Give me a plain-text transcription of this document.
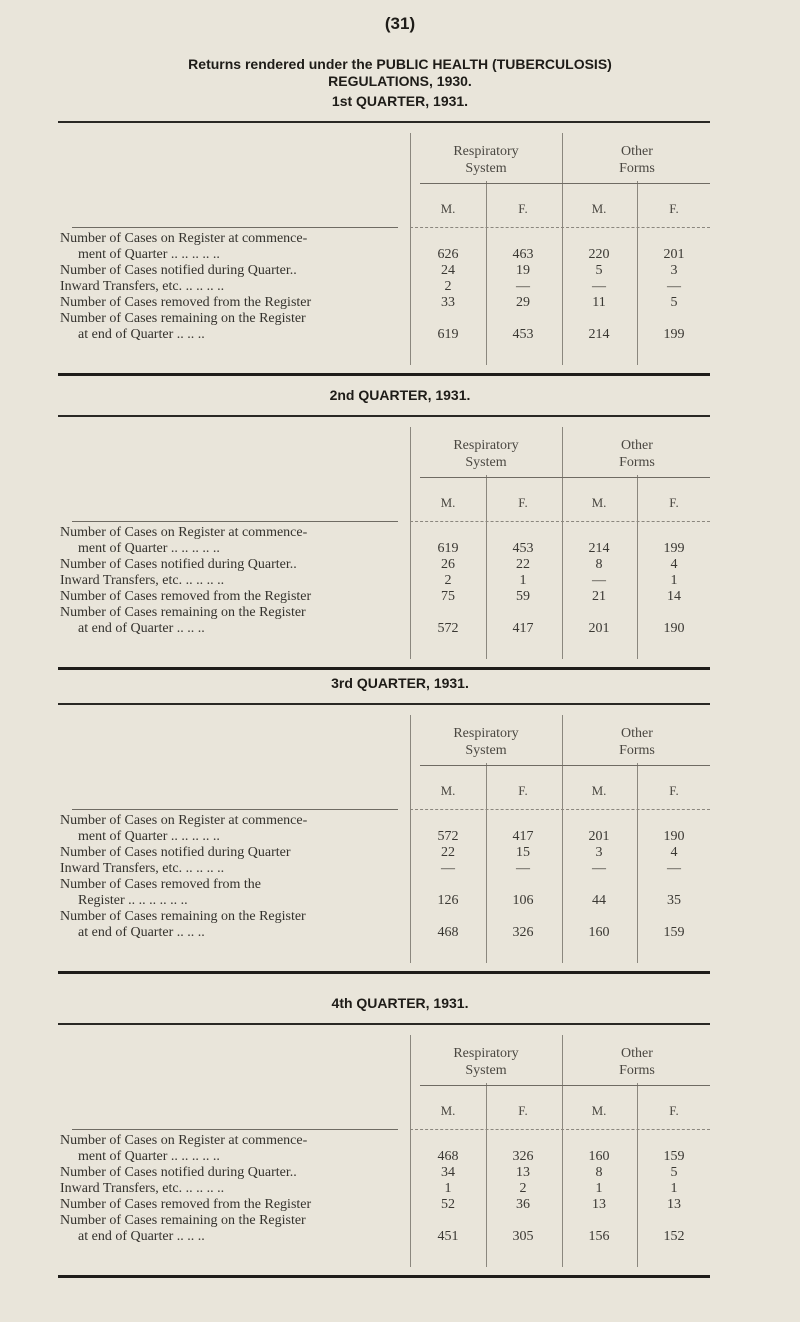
(31)
Returns rendered under the PUBLIC HEALTH (TUBERCULOSIS)
REGULATIONS, 1930.
1st QUARTER, 1931.
Respiratory
System
Other
Forms
M.	F.	M.	F.
Number of Cases on Register at commence-
ment of Quarter .. .. .. .. ..	626	463	220	201
Number of Cases notified during Quarter..	24	19	5	3
Inward Transfers, etc. .. .. .. ..	2	—	—	—
Number of Cases removed from the Register	33	29	11	5
Number of Cases remaining on the Register
at end of Quarter .. .. ..	619	453	214	199
2nd QUARTER, 1931.
Respiratory
System
Other
Forms
M.	F.	M.	F.
Number of Cases on Register at commence-
ment of Quarter .. .. .. .. ..	619	453	214	199
Number of Cases notified during Quarter..	26	22	8	4
Inward Transfers, etc. .. .. .. ..	2	1	—	1
Number of Cases removed from the Register	75	59	21	14
Number of Cases remaining on the Register
at end of Quarter .. .. ..	572	417	201	190
3rd QUARTER, 1931.
Respiratory
System
Other
Forms
M.	F.	M.	F.
Number of Cases on Register at commence-
ment of Quarter .. .. .. .. ..	572	417	201	190
Number of Cases notified during Quarter	22	15	3	4
Inward Transfers, etc. .. .. .. ..	—	—	—	—
Number of Cases removed from the
Register .. .. .. .. .. ..	126	106	44	35
Number of Cases remaining on the Register
at end of Quarter .. .. ..	468	326	160	159
4th QUARTER, 1931.
Respiratory
System
Other
Forms
M.	F.	M.	F.
Number of Cases on Register at commence-
ment of Quarter .. .. .. .. ..	468	326	160	159
Number of Cases notified during Quarter..	34	13	8	5
Inward Transfers, etc. .. .. .. ..	1	2	1	1
Number of Cases removed from the Register	52	36	13	13
Number of Cases remaining on the Register
at end of Quarter .. .. ..	451	305	156	152
